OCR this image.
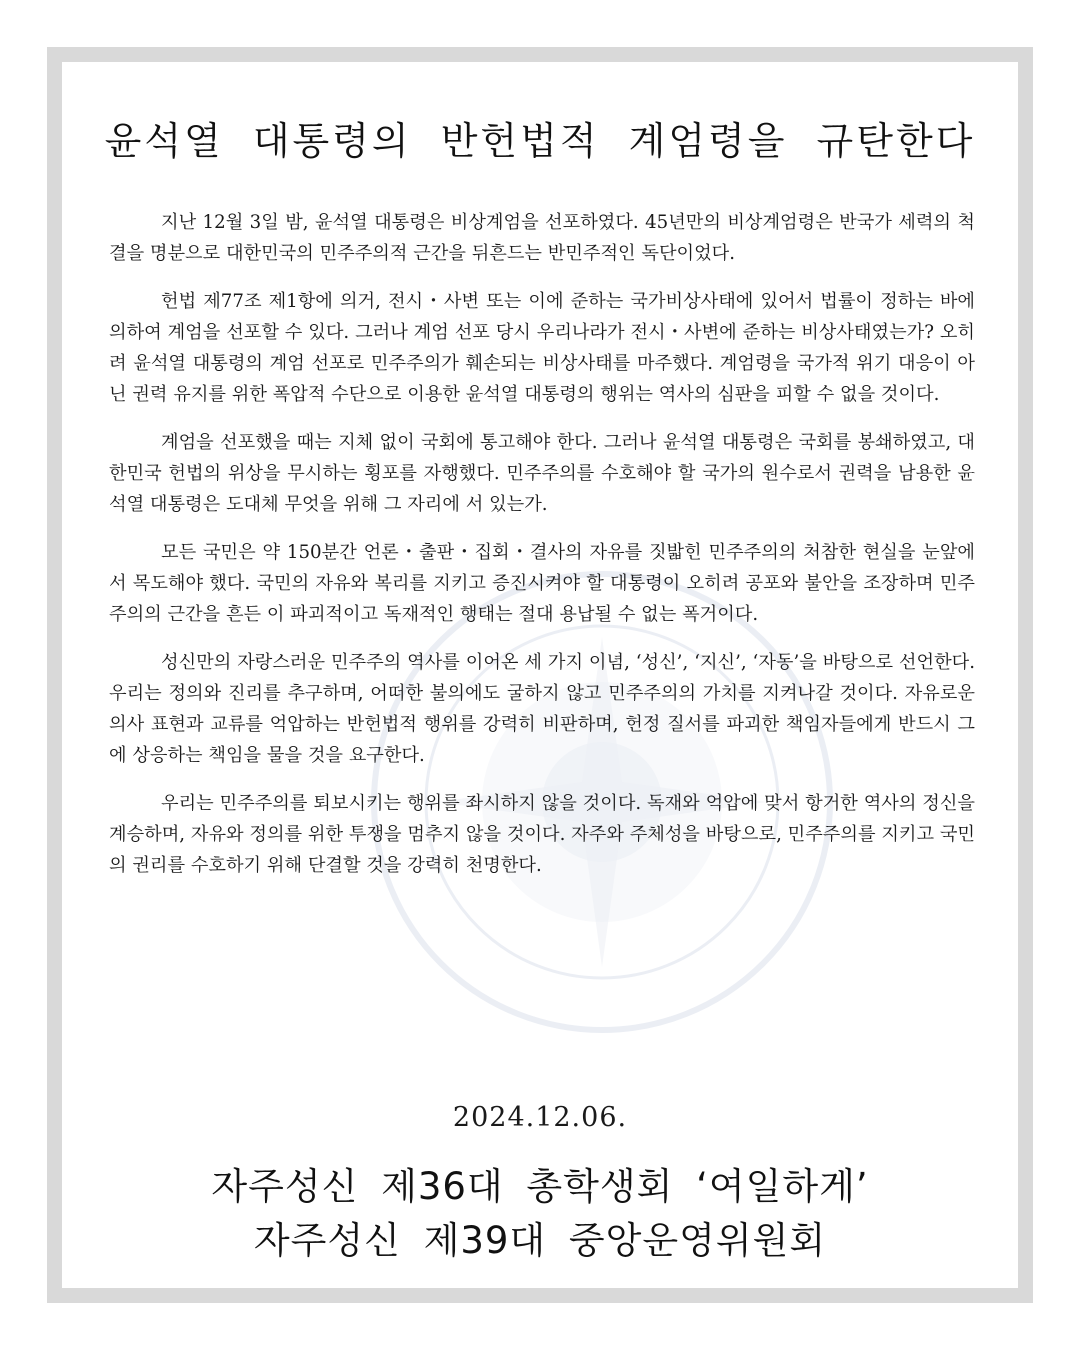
윤석열 대통령의 반헌법적 계엄령을 규탄한다

지난 12월 3일 밤, 윤석열 대통령은 비상계엄을 선포하였다. 45년만의 비상계엄령은 반국가 세력의 척결을 명분으로 대한민국의 민주주의적 근간을 뒤흔드는 반민주적인 독단이었다.

헌법 제77조 제1항에 의거, 전시・사변 또는 이에 준하는 국가비상사태에 있어서 법률이 정하는 바에 의하여 계엄을 선포할 수 있다. 그러나 계엄 선포 당시 우리나라가 전시・사변에 준하는 비상사태였는가? 오히려 윤석열 대통령의 계엄 선포로 민주주의가 훼손되는 비상사태를 마주했다. 계엄령을 국가적 위기 대응이 아닌 권력 유지를 위한 폭압적 수단으로 이용한 윤석열 대통령의 행위는 역사의 심판을 피할 수 없을 것이다.

계엄을 선포했을 때는 지체 없이 국회에 통고해야 한다. 그러나 윤석열 대통령은 국회를 봉쇄하였고, 대한민국 헌법의 위상을 무시하는 횡포를 자행했다. 민주주의를 수호해야 할 국가의 원수로서 권력을 남용한 윤석열 대통령은 도대체 무엇을 위해 그 자리에 서 있는가.

모든 국민은 약 150분간 언론・출판・집회・결사의 자유를 짓밟힌 민주주의의 처참한 현실을 눈앞에서 목도해야 했다. 국민의 자유와 복리를 지키고 증진시켜야 할 대통령이 오히려 공포와 불안을 조장하며 민주주의의 근간을 흔든 이 파괴적이고 독재적인 행태는 절대 용납될 수 없는 폭거이다.

성신만의 자랑스러운 민주주의 역사를 이어온 세 가지 이념, ‘성신’, ‘지신’, ‘자동’을 바탕으로 선언한다. 우리는 정의와 진리를 추구하며, 어떠한 불의에도 굴하지 않고 민주주의의 가치를 지켜나갈 것이다. 자유로운 의사 표현과 교류를 억압하는 반헌법적 행위를 강력히 비판하며, 헌정 질서를 파괴한 책임자들에게 반드시 그에 상응하는 책임을 물을 것을 요구한다.

우리는 민주주의를 퇴보시키는 행위를 좌시하지 않을 것이다. 독재와 억압에 맞서 항거한 역사의 정신을 계승하며, 자유와 정의를 위한 투쟁을 멈추지 않을 것이다. 자주와 주체성을 바탕으로, 민주주의를 지키고 국민의 권리를 수호하기 위해 단결할 것을 강력히 천명한다.

2024.12.06.
자주성신 제36대 총학생회 ‘여일하게’
자주성신 제39대 중앙운영위원회
